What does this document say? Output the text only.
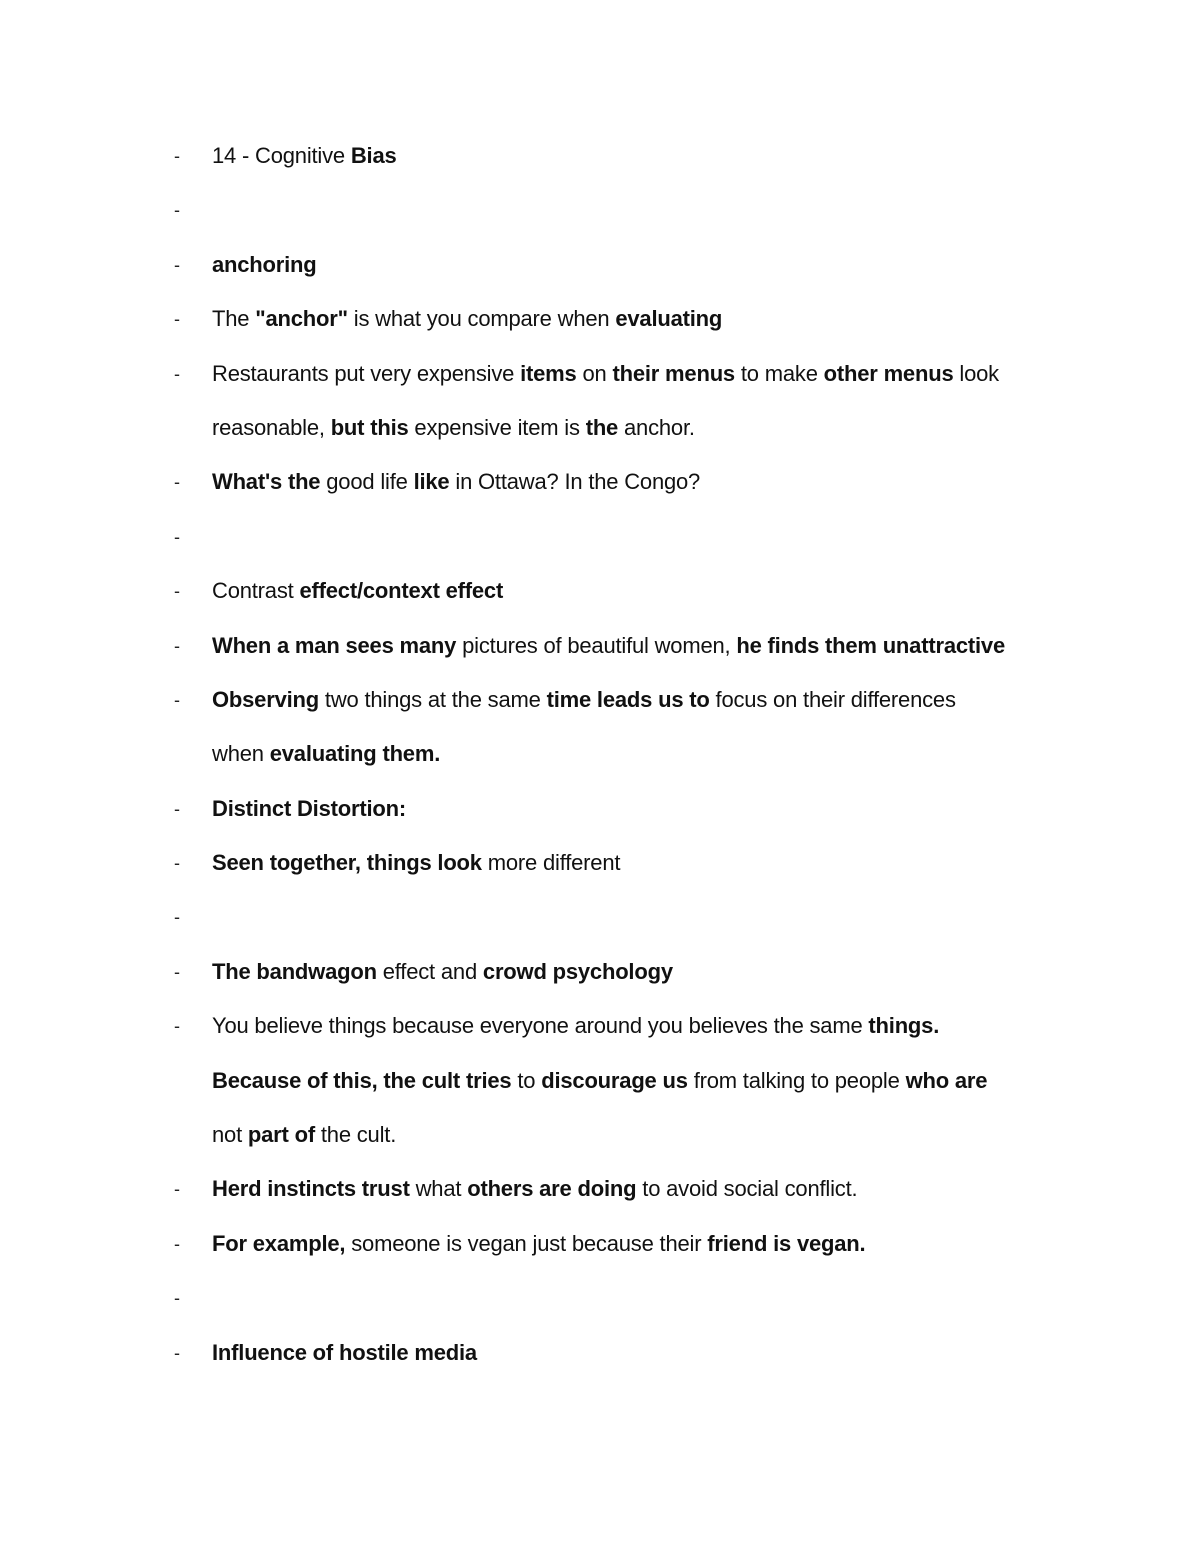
-	14 - Cognitive Bias
-
-	anchoring
-	The "anchor" is what you compare when evaluating
-	Restaurants put very expensive items on their menus to make other menus look
reasonable, but this expensive item is the anchor.
-	What's the good life like in Ottawa? In the Congo?
-
-	Contrast effect/context effect
-	When a man sees many pictures of beautiful women, he finds them unattractive
-	Observing two things at the same time leads us to focus on their differences
when evaluating them.
-	Distinct Distortion:
-	Seen together, things look more different
-
-	The bandwagon effect and crowd psychology
-	You believe things because everyone around you believes the same things.
Because of this, the cult tries to discourage us from talking to people who are
not part of the cult.
-	Herd instincts trust what others are doing to avoid social conflict.
-	For example, someone is vegan just because their friend is vegan.
-
-	Influence of hostile media
